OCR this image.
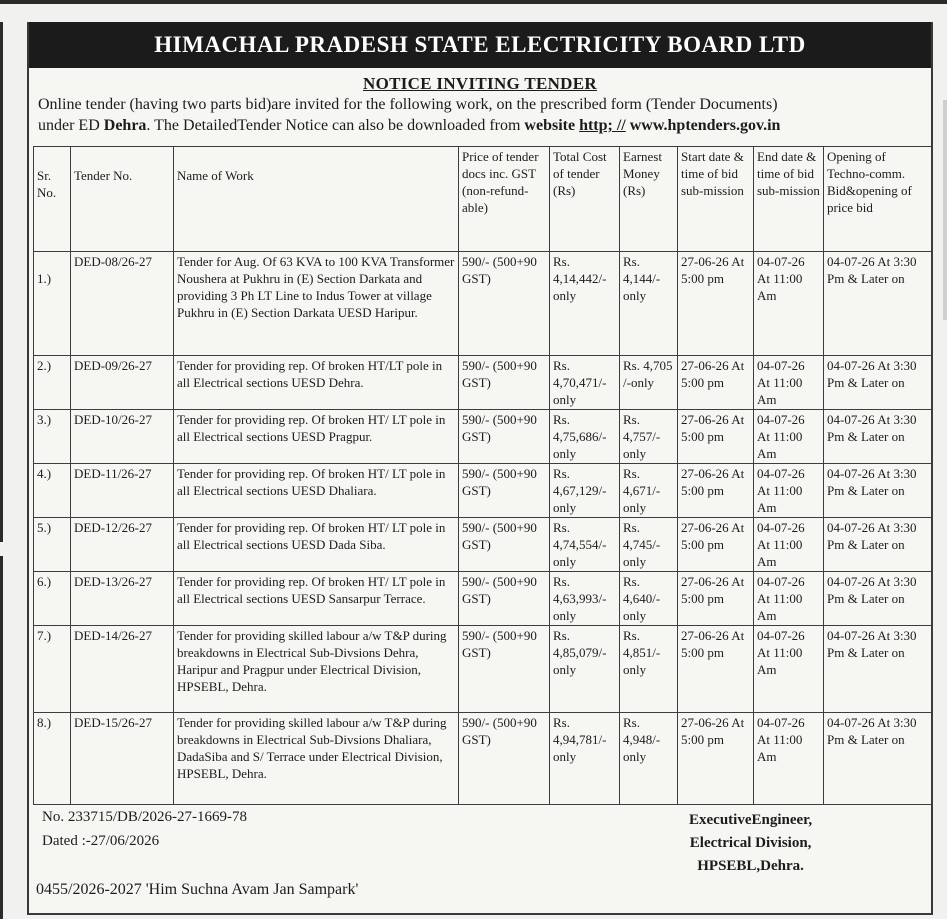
HIMACHAL PRADESH STATE ELECTRICITY BOARD LTD
NOTICE INVITING TENDER
Online tender (having two parts bid)are invited for the following work, on the prescribed form (Tender Documents)
under ED Dehra. The DetailedTender Notice can also be downloaded from website http; // www.hptenders.gov.in
Sr. No.	Tender No.	Name of Work	Price of tender docs inc. GST (non-refund-able)	Total Cost of tender (Rs)	Earnest Money (Rs)	Start date & time of bid sub-mission	End date & time of bid sub-mission	Opening of Techno-comm. Bid&opening of price bid
1.)	DED-08/26-27	Tender for Aug. Of 63 KVA to 100 KVA Transformer Noushera at Pukhru in (E) Section Darkata and providing 3 Ph LT Line to Indus Tower at village Pukhru in (E) Section Darkata UESD Haripur.	590/- (500+90 GST)	Rs. 4,14,442/- only	Rs. 4,144/- only	27-06-26 At 5:00 pm	04-07-26 At 11:00 Am	04-07-26 At 3:30 Pm & Later on
2.)	DED-09/26-27	Tender for providing rep. Of broken HT/LT pole in all Electrical sections UESD Dehra.	590/- (500+90 GST)	Rs. 4,70,471/- only	Rs. 4,705 /-only	27-06-26 At 5:00 pm	04-07-26 At 11:00 Am	04-07-26 At 3:30 Pm & Later on
3.)	DED-10/26-27	Tender for providing rep. Of broken HT/ LT pole in all Electrical sections UESD Pragpur.	590/- (500+90 GST)	Rs. 4,75,686/- only	Rs. 4,757/- only	27-06-26 At 5:00 pm	04-07-26 At 11:00 Am	04-07-26 At 3:30 Pm & Later on
4.)	DED-11/26-27	Tender for providing rep. Of broken HT/ LT pole in all Electrical sections UESD Dhaliara.	590/- (500+90 GST)	Rs. 4,67,129/- only	Rs. 4,671/- only	27-06-26 At 5:00 pm	04-07-26 At 11:00 Am	04-07-26 At 3:30 Pm & Later on
5.)	DED-12/26-27	Tender for providing rep. Of broken HT/ LT pole in all Electrical sections UESD Dada Siba.	590/- (500+90 GST)	Rs. 4,74,554/- only	Rs. 4,745/- only	27-06-26 At 5:00 pm	04-07-26 At 11:00 Am	04-07-26 At 3:30 Pm & Later on
6.)	DED-13/26-27	Tender for providing rep. Of broken HT/ LT pole in all Electrical sections UESD Sansarpur Terrace.	590/- (500+90 GST)	Rs. 4,63,993/- only	Rs. 4,640/- only	27-06-26 At 5:00 pm	04-07-26 At 11:00 Am	04-07-26 At 3:30 Pm & Later on
7.)	DED-14/26-27	Tender for providing skilled labour a/w T&P during breakdowns in Electrical Sub-Divsions Dehra, Haripur and Pragpur under Electrical Division, HPSEBL, Dehra.	590/- (500+90 GST)	Rs. 4,85,079/- only	Rs. 4,851/- only	27-06-26 At 5:00 pm	04-07-26 At 11:00 Am	04-07-26 At 3:30 Pm & Later on
8.)	DED-15/26-27	Tender for providing skilled labour a/w T&P during breakdowns in Electrical Sub-Divsions Dhaliara, DadaSiba and S/ Terrace under Electrical Division, HPSEBL, Dehra.	590/- (500+90 GST)	Rs. 4,94,781/- only	Rs. 4,948/- only	27-06-26 At 5:00 pm	04-07-26 At 11:00 Am	04-07-26 At 3:30 Pm & Later on
No. 233715/DB/2026-27-1669-78
Dated :-27/06/2026
ExecutiveEngineer,
Electrical Division,
HPSEBL,Dehra.
0455/2026-2027 'Him Suchna Avam Jan Sampark'
